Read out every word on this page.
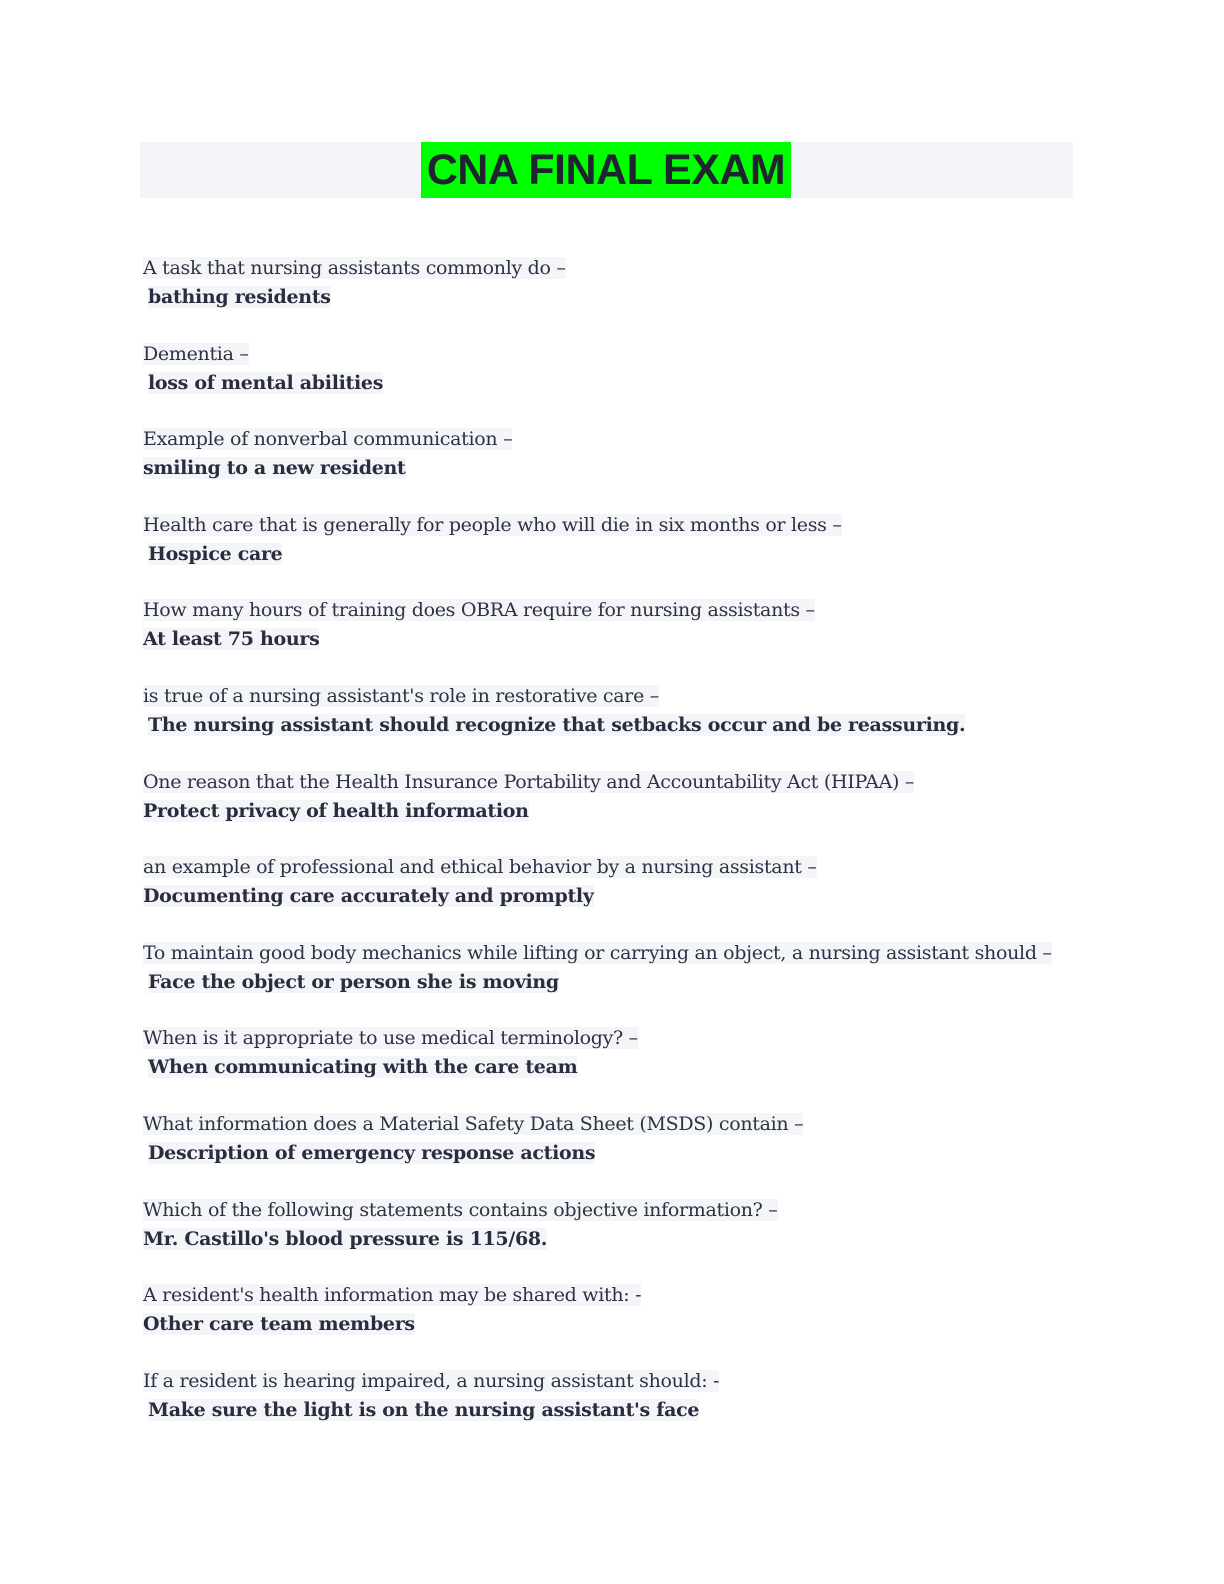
CNA FINAL EXAM
A task that nursing assistants commonly do –
bathing residents
Dementia –
loss of mental abilities
Example of nonverbal communication –
smiling to a new resident
Health care that is generally for people who will die in six months or less –
Hospice care
How many hours of training does OBRA require for nursing assistants –
At least 75 hours
is true of a nursing assistant's role in restorative care –
The nursing assistant should recognize that setbacks occur and be reassuring.
One reason that the Health Insurance Portability and Accountability Act (HIPAA) –
Protect privacy of health information
an example of professional and ethical behavior by a nursing assistant –
Documenting care accurately and promptly
To maintain good body mechanics while lifting or carrying an object, a nursing assistant should –
Face the object or person she is moving
When is it appropriate to use medical terminology? –
When communicating with the care team
What information does a Material Safety Data Sheet (MSDS) contain –
Description of emergency response actions
Which of the following statements contains objective information? –
Mr. Castillo's blood pressure is 115/68.
A resident's health information may be shared with: -
Other care team members
If a resident is hearing impaired, a nursing assistant should: -
Make sure the light is on the nursing assistant's face
